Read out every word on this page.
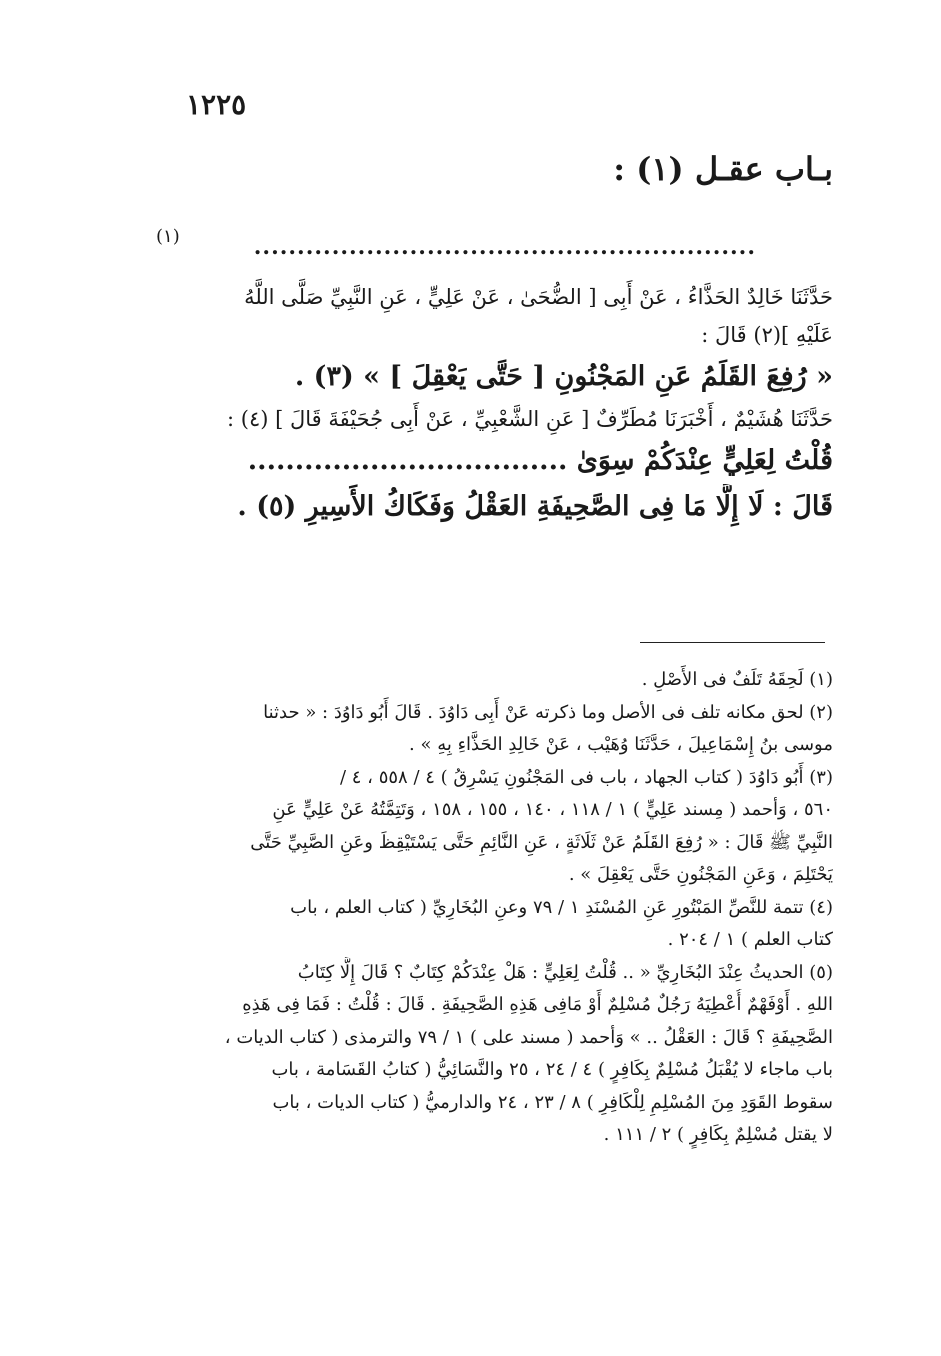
١٢٢٥
بـاب عقـل (١) :
..........................................................
(١)
حَدَّثَنَا خَالِدٌ الحَذَّاءُ ، عَنْ أَبِى [ الضُّحَىٰ ، عَنْ عَلِيٍّ ، عَنِ النَّبِيِّ صَلَّى اللَّهُ
عَلَيْهِ ](٢) قَالَ :
« رُفِعَ القَلَمُ عَنِ المَجْنُونِ [ حَتَّى يَعْقِلَ ] » (٣) .
حَدَّثَنَا هُشَيْمٌ ، أَخْبَرَنَا مُطَرِّفٌ [ عَنِ الشَّعْبِيِّ ، عَنْ أَبِى جُحَيْفَةَ قَالَ ] (٤) :
قُلْتُ لِعَلِيٍّ عِنْدَكُمْ سِوَىٰ ..................................
قَالَ : لَا إِلَّا مَا فِى الصَّحِيفَةِ العَقْلُ وَفَكَاكُ الأَسِيرِ (٥) .
(١) لَحِقَهُ تَلَفٌ فى الأَصْلِ .
(٢) لحق مكانه تلف فى الأصل وما ذكرته عَنْ أَبِى دَاوُدَ . قَالَ أَبُو دَاوُدَ : « حدثنا
موسى بنُ إِسْمَاعِيلَ ، حَدَّثَنَا وُهَيْب ، عَنْ خَالِدِ الحَذَّاءِ بِهِ » .
(٣) أَبُو دَاوُدَ ( كتاب الجهاد ، باب فى المَجْنُونِ يَسْرِقُ ) ٤ / ٥٥٨ ، ٤ /
٥٦٠ ، وَأحمد ( مِسند عَلِيٍّ ) ١ / ١١٨ ، ١٤٠ ، ١٥٥ ، ١٥٨ ، وَتَتِمَّتُهُ عَنْ عَلِيٍّ عَنِ
النَّبِيِّ ﷺ قَالَ : « رُفِعَ القَلَمُ عَنْ ثَلَاثَةٍ ، عَنِ النَّائِمِ حَتَّى يَسْتَيْقِظَ وعَنِ الصَّبِيِّ حَتَّى
يَحْتَلِمَ ، وَعَنِ المَجْنُونِ حَتَّى يَعْقِلَ » .
(٤) تتمة للنَّصِّ المَبْتُورِ عَنِ المُسْنَدِ ١ / ٧٩ وعنِ البُخَارِيِّ ( كتاب العلم ، باب
كتاب العلم ) ١ / ٢٠٤ .
(٥) الحديثُ عِنْدَ البُخَارِيِّ « .. قُلْتُ لِعَلِيٍّ : هَلْ عِنْدَكُمْ كِتَابٌ ؟ قَالَ إِلَّا كِتَابُ
اللهِ . أَوْفَهْمٌ أُعْطِيَهُ رَجُلٌ مُسْلِمٌ أَوْ مَافِى هَذِهِ الصَّحِيفَةِ . قَالَ : قُلْتُ : فَمَا فِى هَذِهِ
الصَّحِيفَةِ ؟ قَالَ : العَقْلُ .. » وَأحمد ( مسند على ) ١ / ٧٩ والترمذى ( كتاب الديات ،
باب ماجاء لا يُقْبَلُ مُسْلِمٌ بِكَافِرٍ ) ٤ / ٢٤ ، ٢٥ والنَّسَائِيُّ ( كتابُ القَسَامة ، باب
سقوط القَوَدِ مِنَ المُسْلِمِ لِلْكَافِرِ ) ٨ / ٢٣ ، ٢٤ والدارميُّ ( كتاب الديات ، باب
لا يقتل مُسْلِمٌ بِكَافِرٍ ) ٢ / ١١١ .
